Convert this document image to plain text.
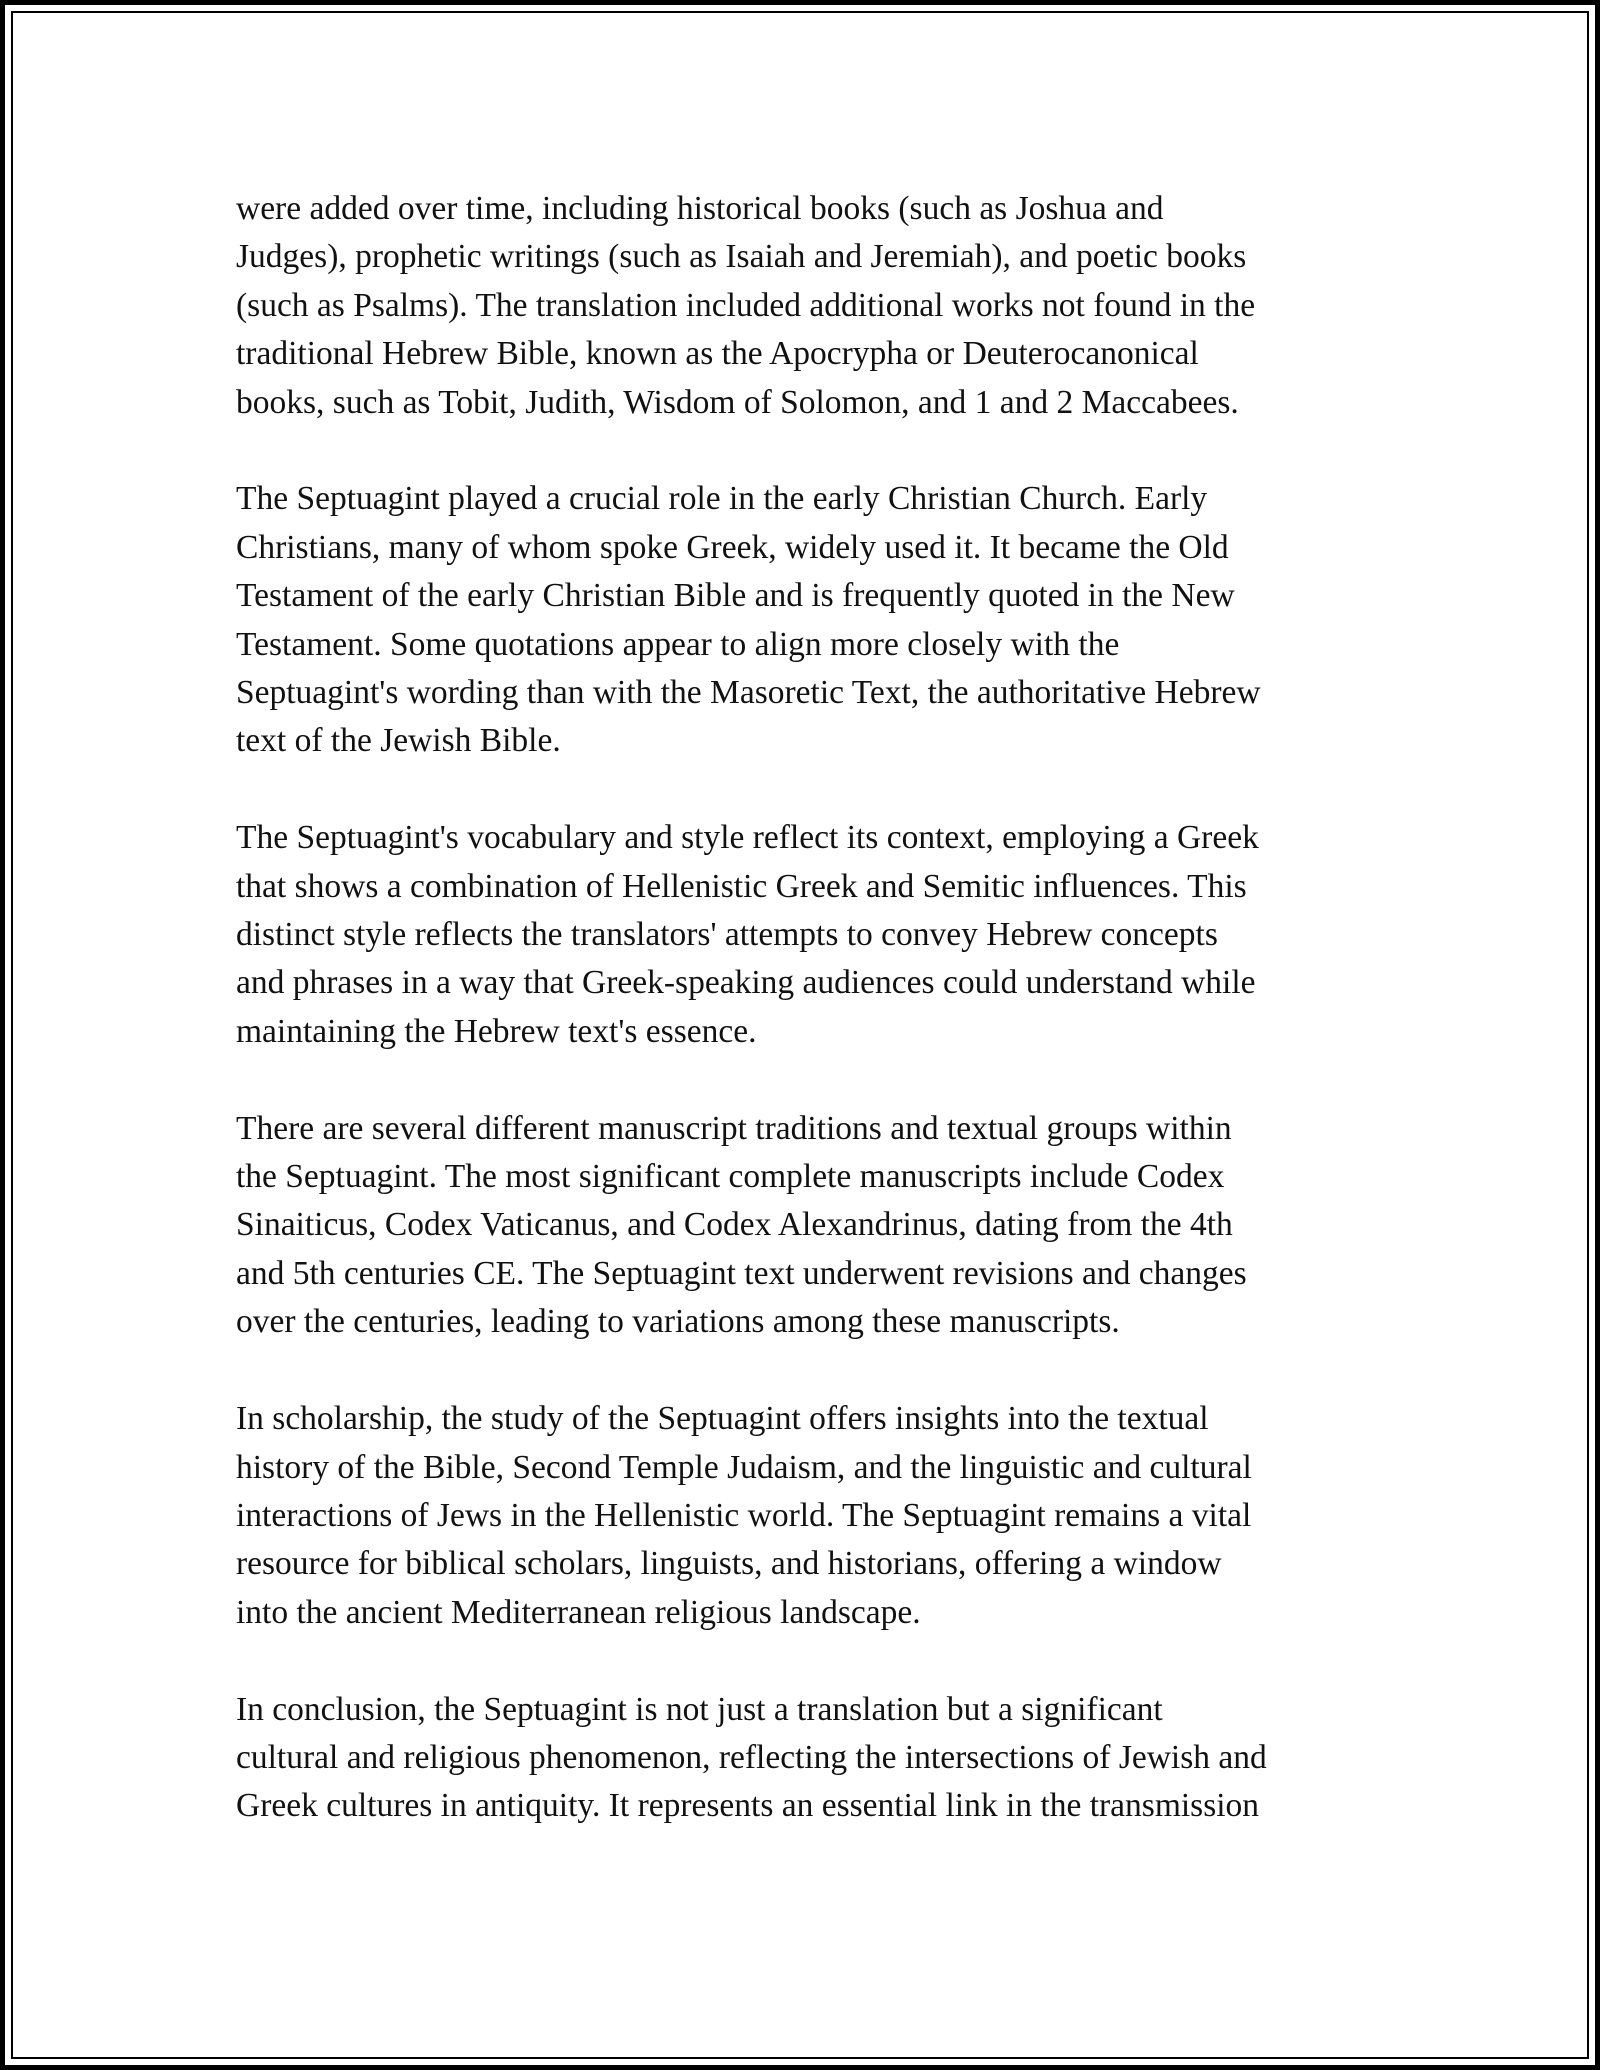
were added over time, including historical books (such as Joshua and
Judges), prophetic writings (such as Isaiah and Jeremiah), and poetic books
(such as Psalms). The translation included additional works not found in the
traditional Hebrew Bible, known as the Apocrypha or Deuterocanonical
books, such as Tobit, Judith, Wisdom of Solomon, and 1 and 2 Maccabees.

The Septuagint played a crucial role in the early Christian Church. Early
Christians, many of whom spoke Greek, widely used it. It became the Old
Testament of the early Christian Bible and is frequently quoted in the New
Testament. Some quotations appear to align more closely with the
Septuagint's wording than with the Masoretic Text, the authoritative Hebrew
text of the Jewish Bible.

The Septuagint's vocabulary and style reflect its context, employing a Greek
that shows a combination of Hellenistic Greek and Semitic influences. This
distinct style reflects the translators' attempts to convey Hebrew concepts
and phrases in a way that Greek-speaking audiences could understand while
maintaining the Hebrew text's essence.

There are several different manuscript traditions and textual groups within
the Septuagint. The most significant complete manuscripts include Codex
Sinaiticus, Codex Vaticanus, and Codex Alexandrinus, dating from the 4th
and 5th centuries CE. The Septuagint text underwent revisions and changes
over the centuries, leading to variations among these manuscripts.

In scholarship, the study of the Septuagint offers insights into the textual
history of the Bible, Second Temple Judaism, and the linguistic and cultural
interactions of Jews in the Hellenistic world. The Septuagint remains a vital
resource for biblical scholars, linguists, and historians, offering a window
into the ancient Mediterranean religious landscape.

In conclusion, the Septuagint is not just a translation but a significant
cultural and religious phenomenon, reflecting the intersections of Jewish and
Greek cultures in antiquity. It represents an essential link in the transmission
